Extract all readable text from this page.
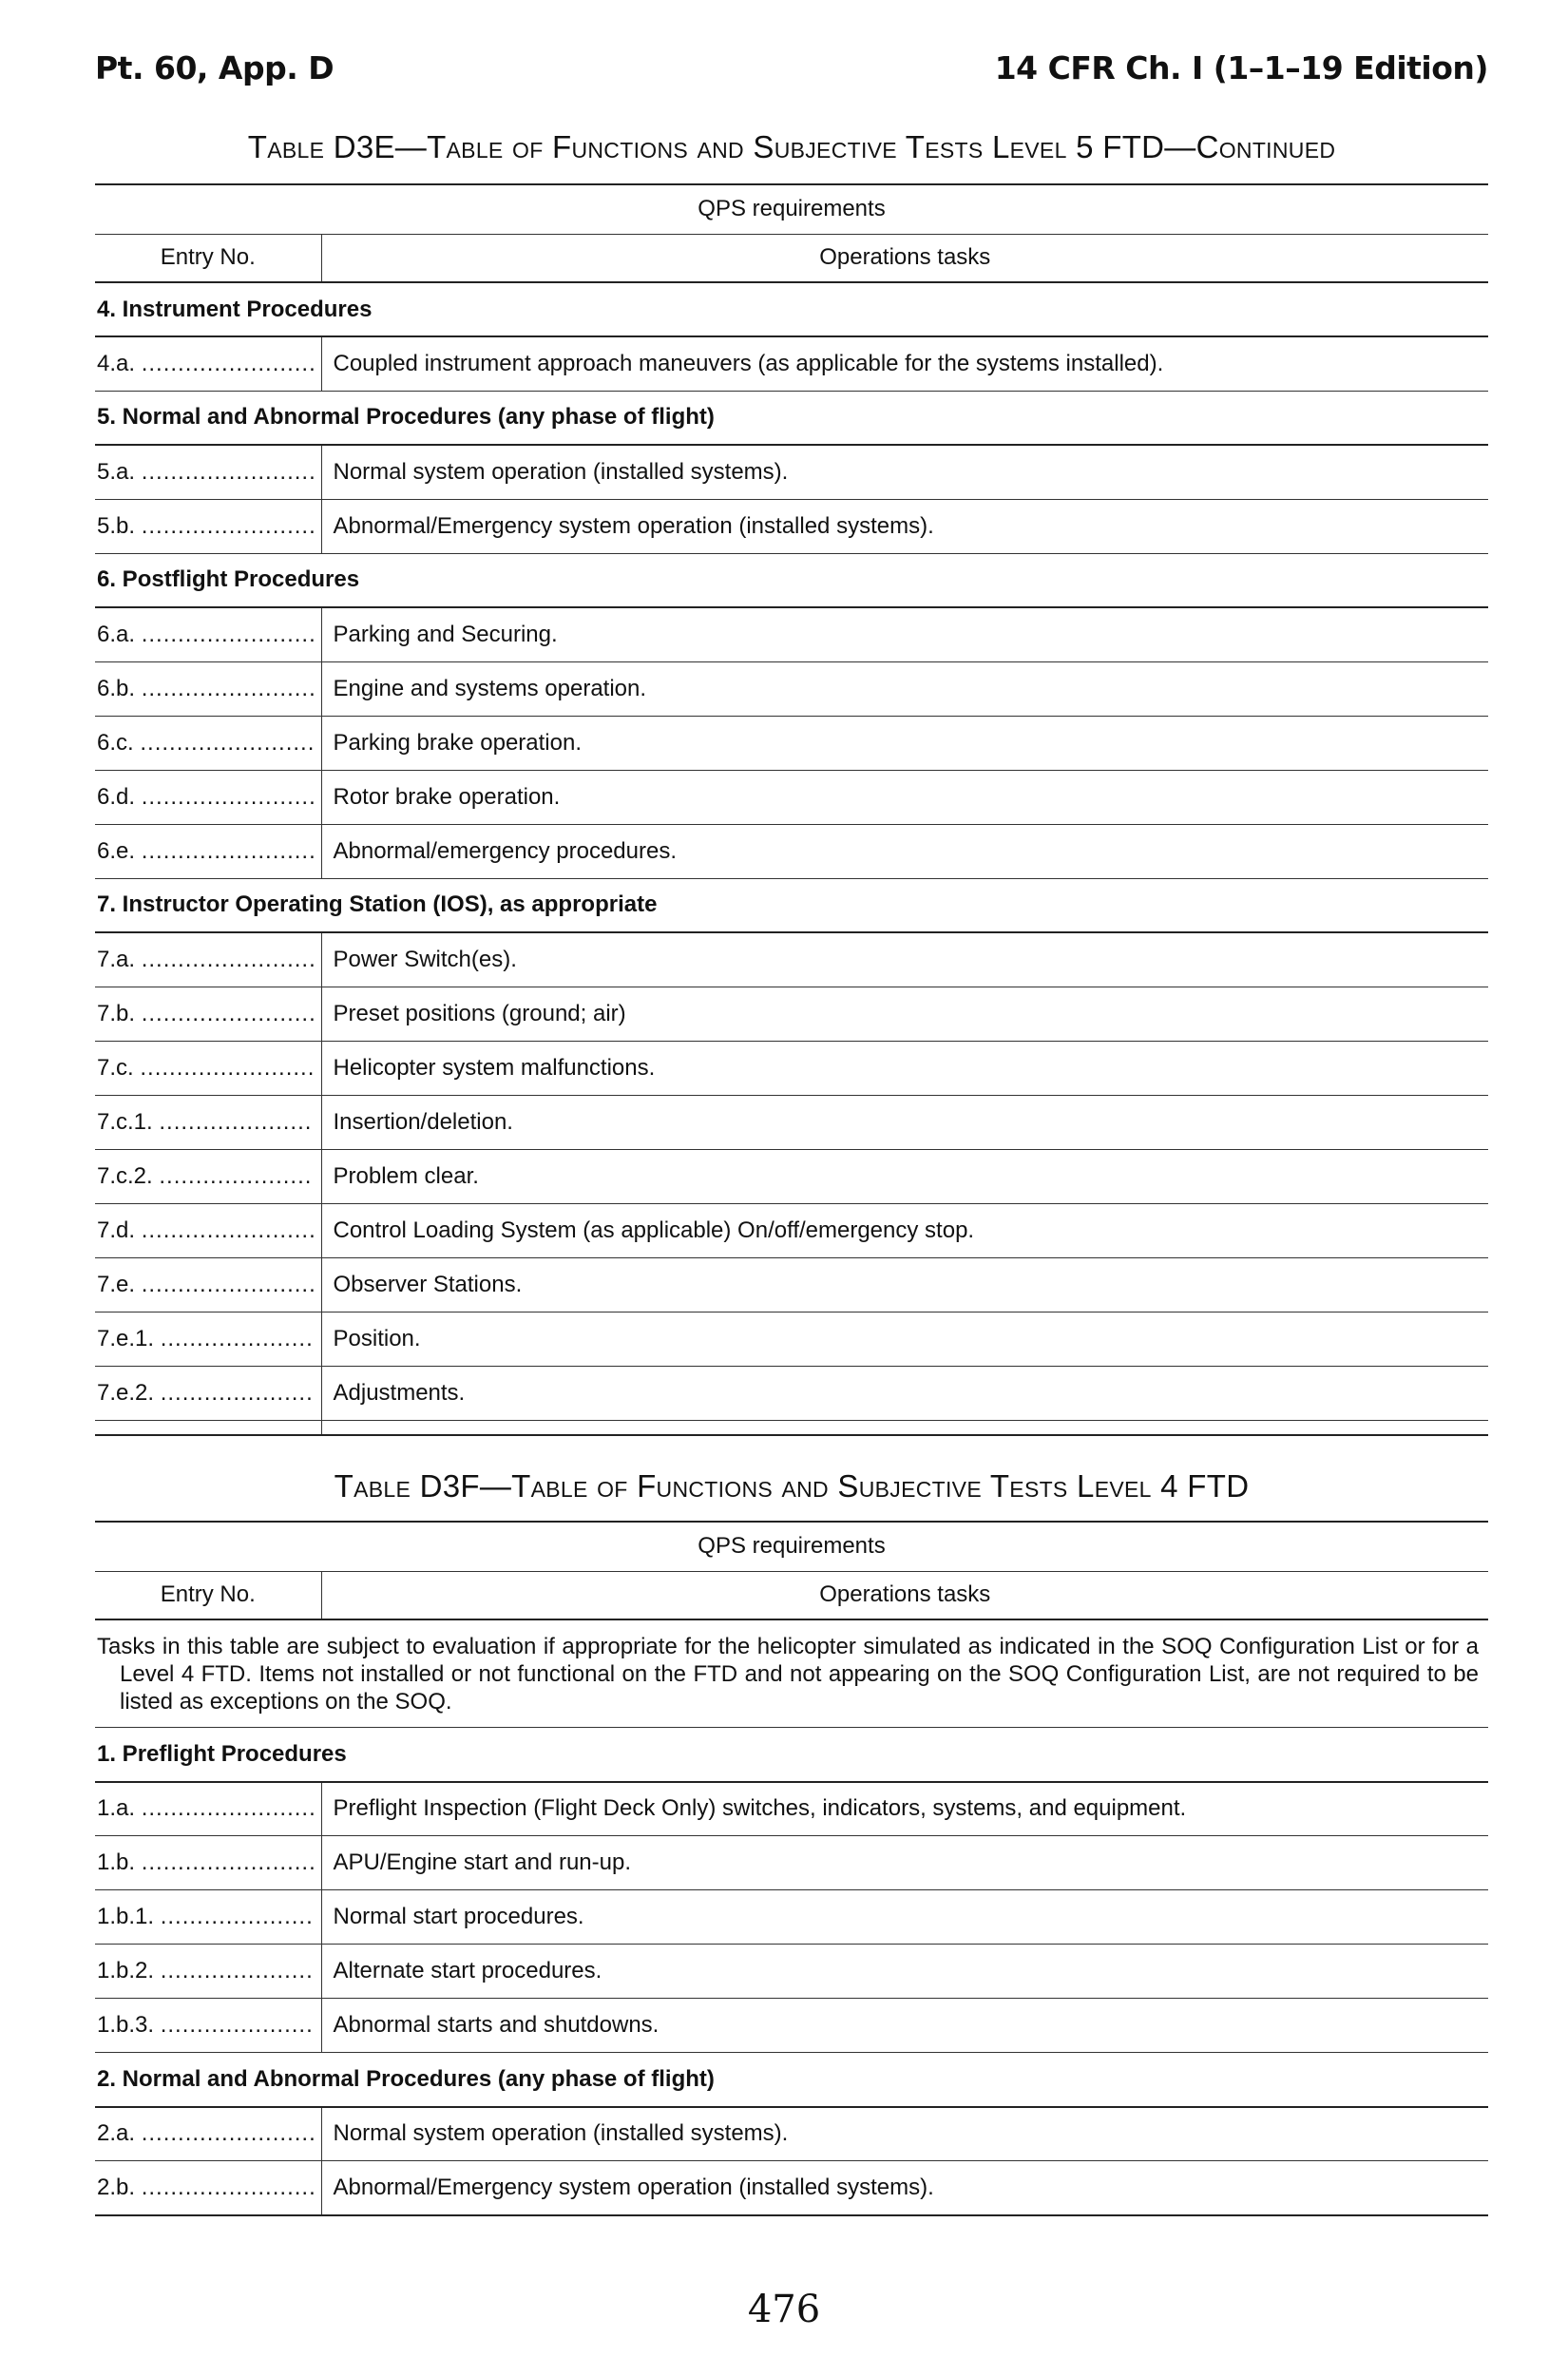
Pt. 60, App. D	14 CFR Ch. I (1–1–19 Edition)
Table D3E—Table of Functions and Subjective Tests Level 5 FTD—Continued
QPS requirements	
Entry No.	Operations tasks
4. Instrument Procedures	
4.a. ........................	Coupled instrument approach maneuvers (as applicable for the systems installed).
5. Normal and Abnormal Procedures (any phase of flight)	
5.a. ........................	Normal system operation (installed systems).
5.b. ........................	Abnormal/Emergency system operation (installed systems).
6. Postflight Procedures	
6.a. ........................	Parking and Securing.
6.b. ........................	Engine and systems operation.
6.c. ........................	Parking brake operation.
6.d. ........................	Rotor brake operation.
6.e. ........................	Abnormal/emergency procedures.
7. Instructor Operating Station (IOS), as appropriate	
7.a. ........................	Power Switch(es).
7.b. ........................	Preset positions (ground; air)
7.c. ........................	Helicopter system malfunctions.
7.c.1. .....................	Insertion/deletion.
7.c.2. .....................	Problem clear.
7.d. ........................	Control Loading System (as applicable) On/off/emergency stop.
7.e. ........................	Observer Stations.
7.e.1. .....................	Position.
7.e.2. .....................	Adjustments.

Table D3F—Table of Functions and Subjective Tests Level 4 FTD
QPS requirements	
Entry No.	Operations tasks

Tasks in this table are subject to evaluation if appropriate for the helicopter simulated as indicated in the SOQ Configuration List or for a Level 4 FTD. Items not installed or not functional on the FTD and not appearing on the SOQ Configuration List, are not required to be listed as exceptions on the SOQ.	

1. Preflight Procedures	
1.a. ........................	Preflight Inspection (Flight Deck Only) switches, indicators, systems, and equipment.
1.b. ........................	APU/Engine start and run-up.
1.b.1. .....................	Normal start procedures.
1.b.2. .....................	Alternate start procedures.
1.b.3. .....................	Abnormal starts and shutdowns.
2. Normal and Abnormal Procedures (any phase of flight)	
2.a. ........................	Normal system operation (installed systems).
2.b. ........................	Abnormal/Emergency system operation (installed systems).
476
